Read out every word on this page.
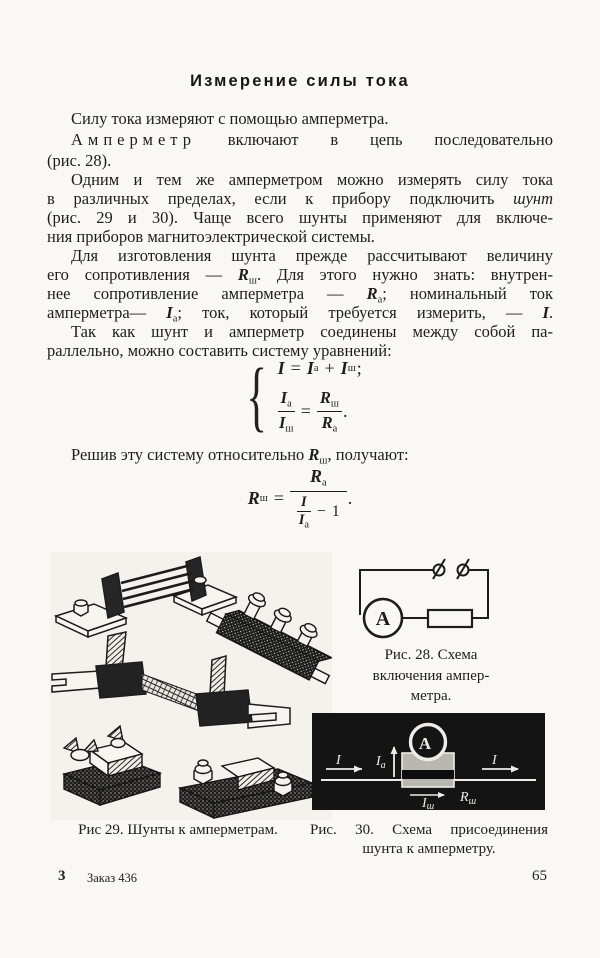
Измерение силы тока
Силу тока измеряют с помощью амперметра.
Амперметр включают в цепь последовательно
(рис. 28).
Одним и тем же амперметром можно измерять силу тока
в различных пределах, если к прибору подключить шунт
(рис. 29 и 30). Чаще всего шунты применяют для включе-
ния приборов магнитоэлектрической системы.
Для изготовления шунта прежде рассчитывают величину
его сопротивления — $R_ш$. Для этого нужно знать: внутрен-
нее сопротивление амперметра — $R_а$; номинальный ток
амперметра— $I_а$; ток, который требуется измерить, — I.
Так как шунт и амперметр соединены между собой па-
раллельно, можно составить систему уравнений:
{ I = I а + I ш ;
$\frac{I_а}{I_ш} = \frac{R_ш}{R_а}$ .
Решив эту систему относительно $R_ш$, получают:
R $ш = \frac{Rа}{\frac{I}{I_а} - 1}$ .
Рис 29. Шунты к амперметрам.
А
Рис. 28. Схема
включения ампер-
метра.
А
I	$I_а$	I
$R_ш$
Iш
Рис. 30. Схема присоединения
шунта к амперметру.
3 Заказ 436	65
